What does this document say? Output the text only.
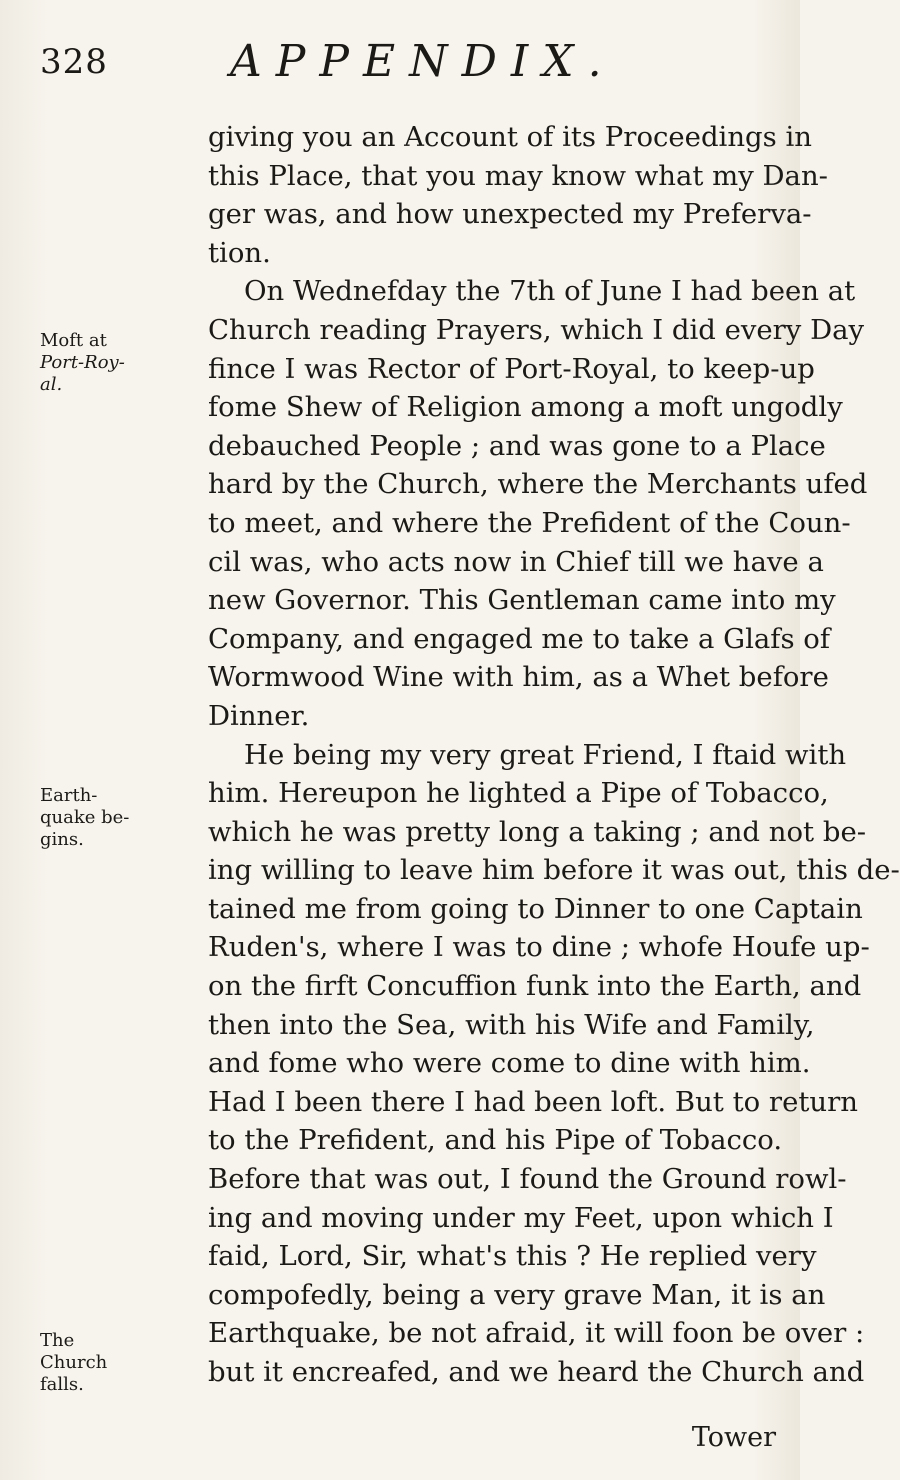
328	APPENDIX.
Moft at
Port-Roy-
al.
Earth-
quake be-
gins.
The
Church
falls.
giving you an Account of its Proceedings in
this Place, that you may know what my Dan-
ger was, and how unexpected my Preferva-
tion.
On Wednefday the 7th of June I had been at
Church reading Prayers, which I did every Day
fince I was Rector of Port-Royal, to keep-up
fome Shew of Religion among a moft ungodly
debauched People ; and was gone to a Place
hard by the Church, where the Merchants ufed
to meet, and where the Prefident of the Coun-
cil was, who acts now in Chief till we have a
new Governor. This Gentleman came into my
Company, and engaged me to take a Glafs of
Wormwood Wine with him, as a Whet before
Dinner.
He being my very great Friend, I ftaid with
him. Hereupon he lighted a Pipe of Tobacco,
which he was pretty long a taking ; and not be-
ing willing to leave him before it was out, this de-
tained me from going to Dinner to one Captain
Ruden's, where I was to dine ; whofe Houfe up-
on the firft Concuffion funk into the Earth, and
then into the Sea, with his Wife and Family,
and fome who were come to dine with him.
Had I been there I had been loft. But to return
to the Prefident, and his Pipe of Tobacco.
Before that was out, I found the Ground rowl-
ing and moving under my Feet, upon which I
faid, Lord, Sir, what's this ? He replied very
compofedly, being a very grave Man, it is an
Earthquake, be not afraid, it will foon be over :
but it encreafed, and we heard the Church and
Tower
